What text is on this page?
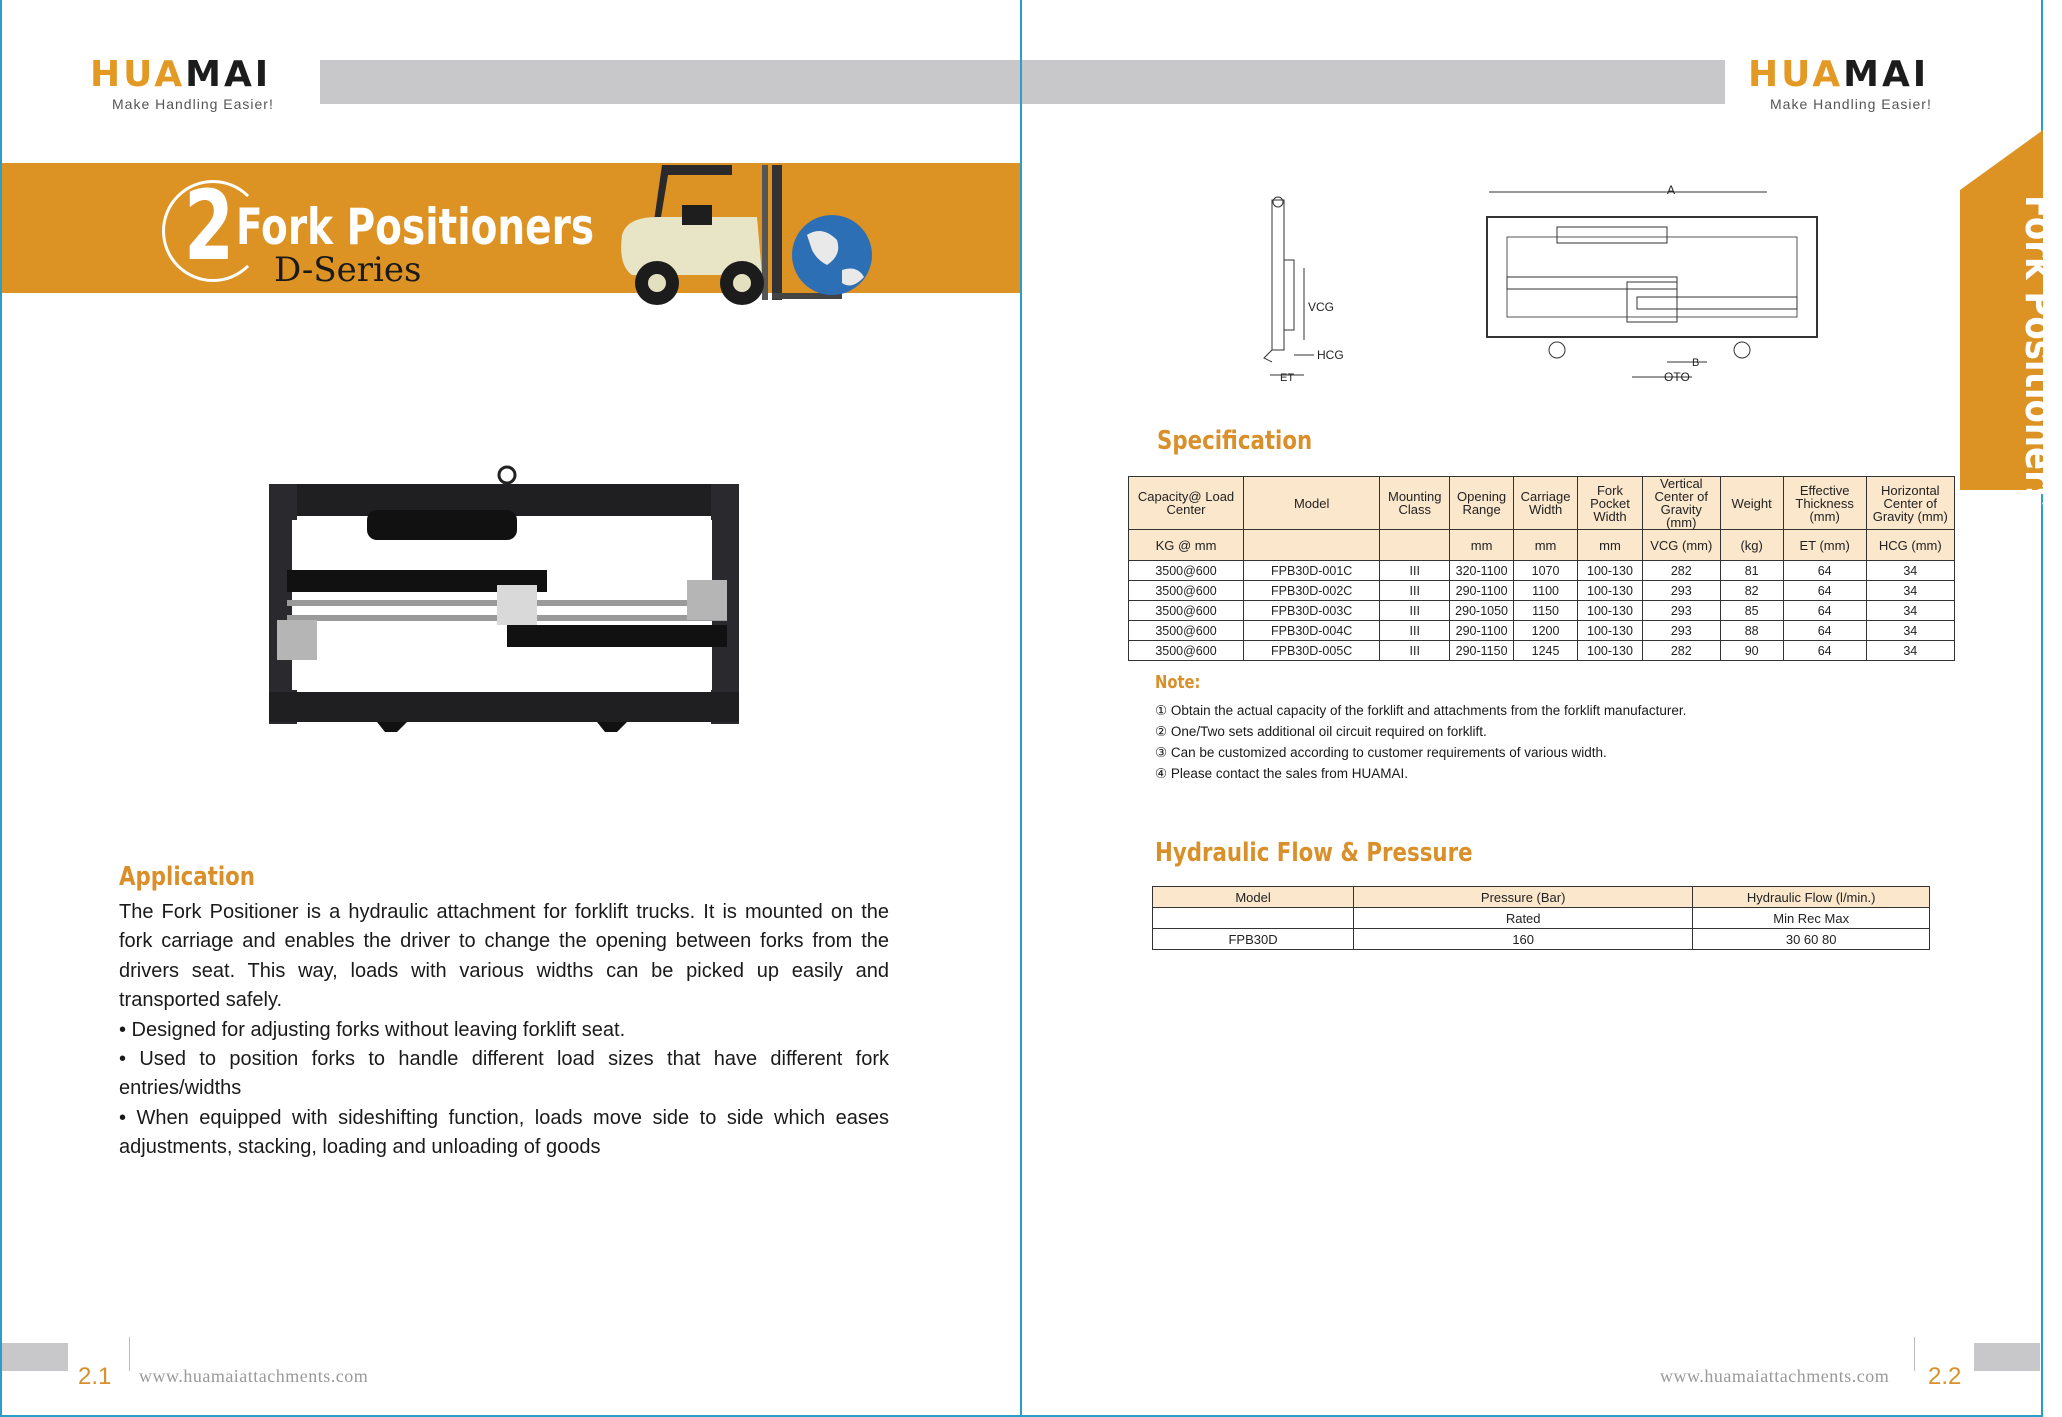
HUAMAI
Make Handling Easier!
2 Fork Positioners
D-Series
Application

The Fork Positioner is a hydraulic attachment for forklift trucks. It is mounted on the fork carriage and enables the driver to change the opening between forks from the drivers seat. This way, loads with various widths can be picked up easily and transported safely.

• Designed for adjusting forks without leaving forklift seat.

• Used to position forks to handle different load sizes that have different fork entries/widths

• When equipped with sideshifting function, loads move side to side which eases adjustments, stacking, loading and unloading of goods

2.1 www.huamaiattachments.com
HUAMAI
Make Handling Easier!
VCG
HCG
ET
A
OTO
B
Specification
Note:
Hydraulic Flow & Pressure
2.2
www.huamaiattachments.com
Fork Positioners
Capacity@ Load Center	Model	Mounting Class	Opening Range	Carriage Width	Fork Pocket Width	Vertical Center of Gravity (mm)	Weight	Effective Thickness (mm)	Horizontal Center of Gravity (mm)
KG @ mm			mm	mm	mm	VCG (mm)	(kg)	ET (mm)	HCG (mm)
3500@600	FPB30D-001C	III	320-1100	1070	100-130	282	81	64	34
3500@600	FPB30D-002C	III	290-1100	1100	100-130	293	82	64	34
3500@600	FPB30D-003C	III	290-1050	1150	100-130	293	85	64	34
3500@600	FPB30D-004C	III	290-1100	1200	100-130	293	88	64	34
3500@600	FPB30D-005C	III	290-1150	1245	100-130	282	90	64	34
① Obtain the actual capacity of the forklift and attachments from the forklift manufacturer.
② One/Two sets additional oil circuit required on forklift.
③ Can be customized according to customer requirements of various width.
④ Please contact the sales from HUAMAI.
Model	Pressure (Bar)	Hydraulic Flow (l/min.)
	Rated	Min Rec Max
FPB30D	160	30 60 80
